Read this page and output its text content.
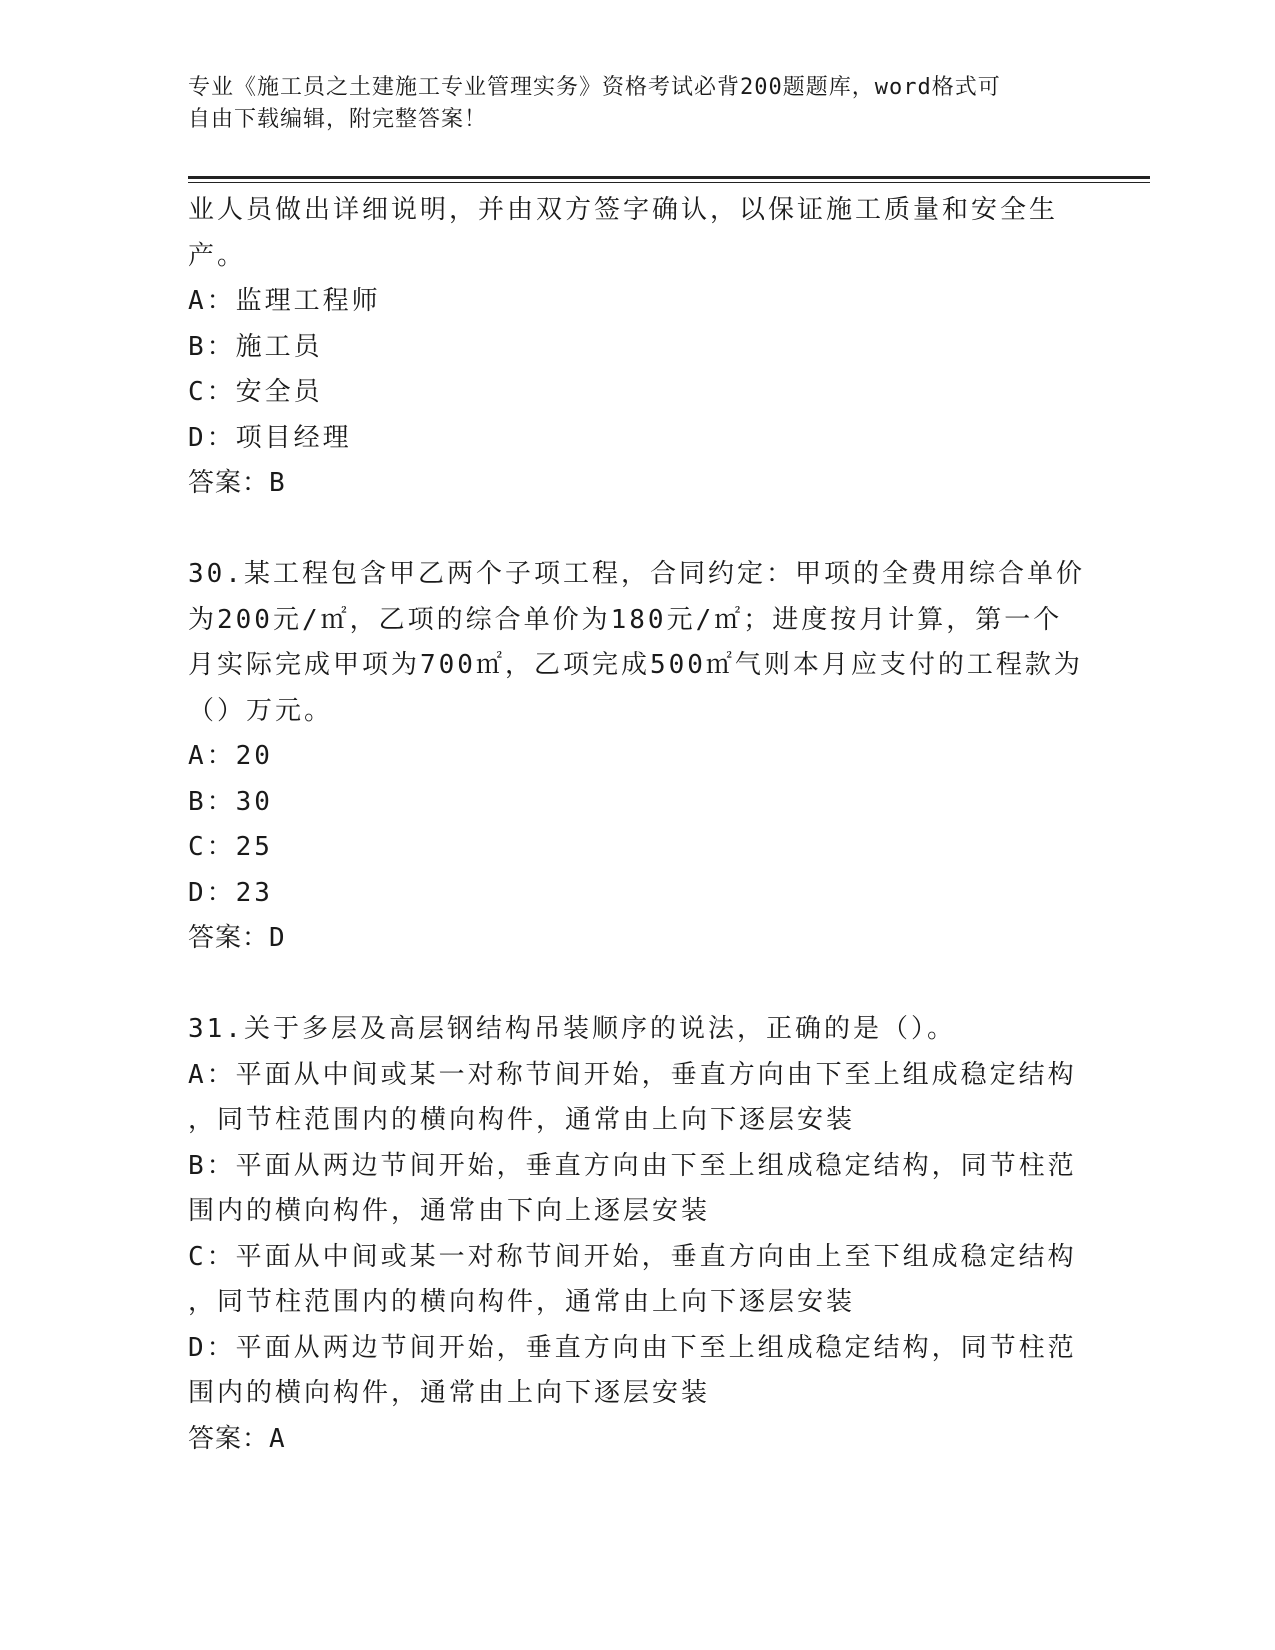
专业《施工员之土建施工专业管理实务》资格考试必背200题题库，word格式可
自由下载编辑，附完整答案！
业人员做出详细说明，并由双方签字确认，以保证施工质量和安全生
产。
A：监理工程师
B：施工员
C：安全员
D：项目经理
答案：B
30.某工程包含甲乙两个子项工程，合同约定：甲项的全费用综合单价
为200元/㎡，乙项的综合单价为180元/㎡；进度按月计算，第一个
月实际完成甲项为700㎡，乙项完成500㎡气则本月应支付的工程款为
（）万元。
A：20
B：30
C：25
D：23
答案：D
31.关于多层及高层钢结构吊装顺序的说法，正确的是（）。
A：平面从中间或某一对称节间开始，垂直方向由下至上组成稳定结构
，同节柱范围内的横向构件，通常由上向下逐层安装
B：平面从两边节间开始，垂直方向由下至上组成稳定结构，同节柱范
围内的横向构件，通常由下向上逐层安装
C：平面从中间或某一对称节间开始，垂直方向由上至下组成稳定结构
，同节柱范围内的横向构件，通常由上向下逐层安装
D：平面从两边节间开始，垂直方向由下至上组成稳定结构，同节柱范
围内的横向构件，通常由上向下逐层安装
答案：A
